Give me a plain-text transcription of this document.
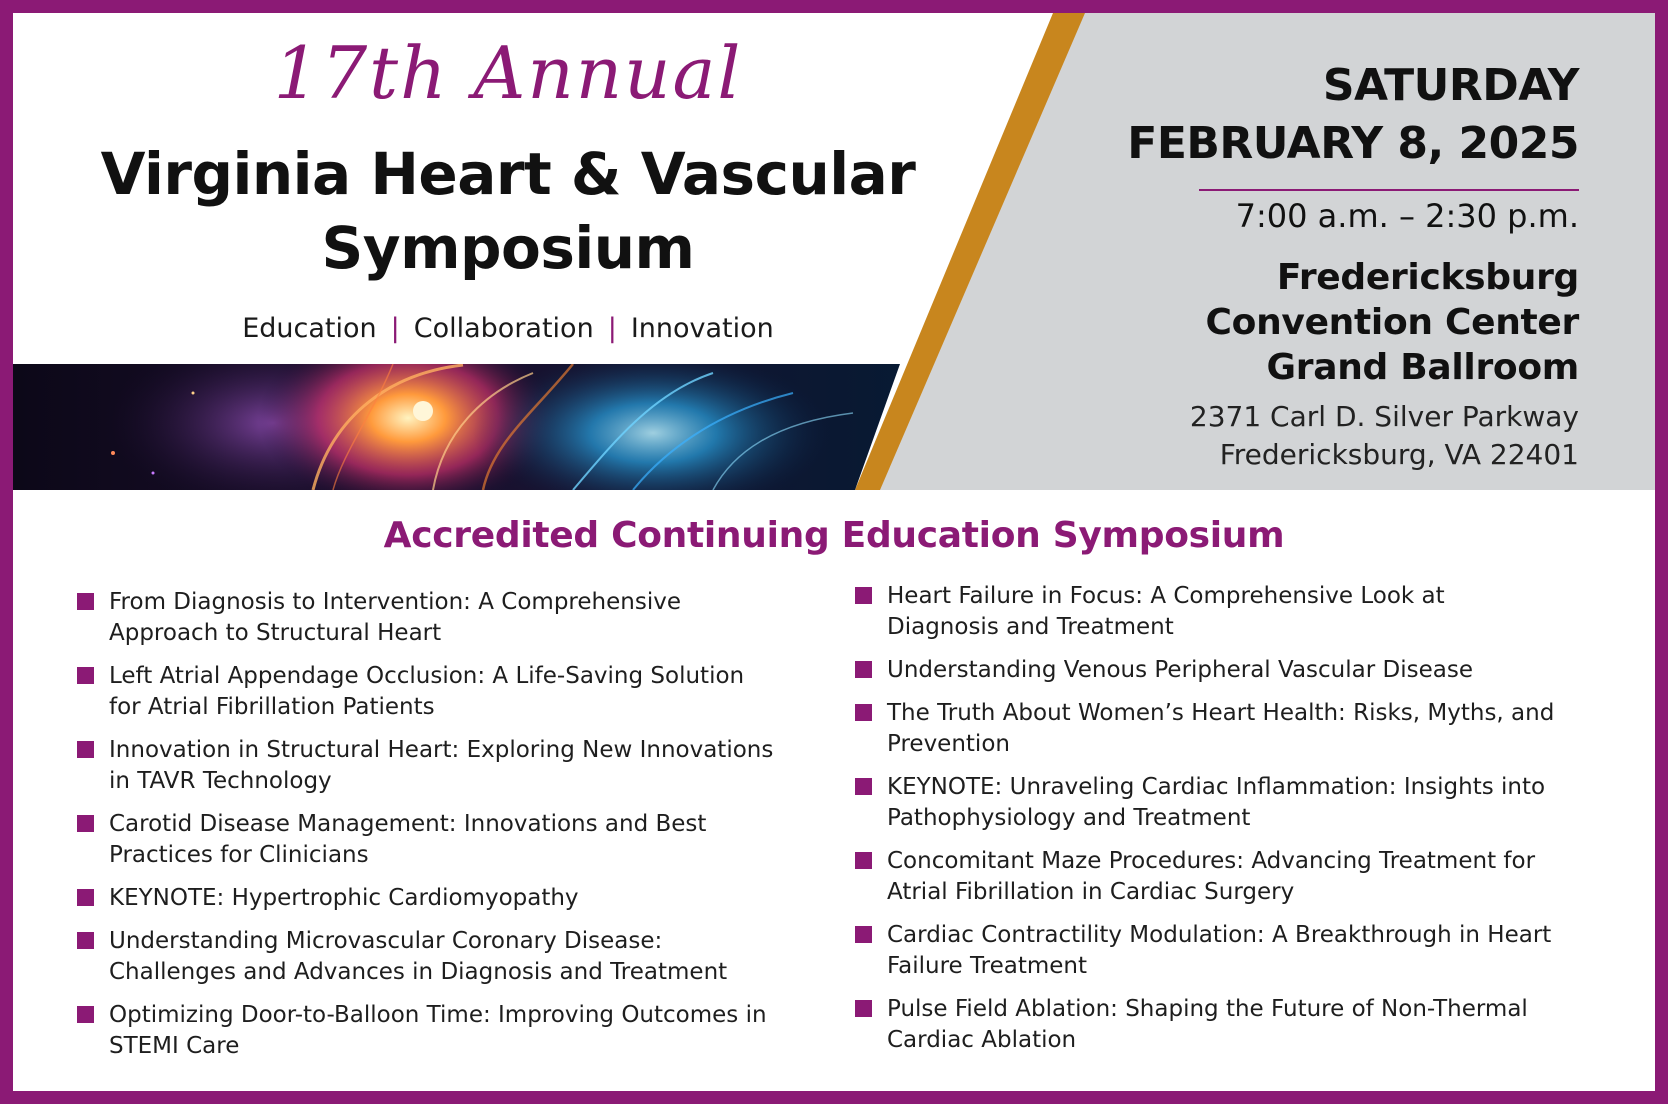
17th Annual
Virginia Heart & Vascular
Symposium
Education | Collaboration | Innovation
SATURDAY
FEBRUARY 8, 2025
7:00 a.m. – 2:30 p.m.
Fredericksburg
Convention Center
Grand Ballroom
2371 Carl D. Silver Parkway
Fredericksburg, VA 22401
Accredited Continuing Education Symposium
From Diagnosis to Intervention: A Comprehensive
Approach to Structural Heart
Left Atrial Appendage Occlusion: A Life-Saving Solution
for Atrial Fibrillation Patients
Innovation in Structural Heart: Exploring New Innovations
in TAVR Technology
Carotid Disease Management: Innovations and Best
Practices for Clinicians
KEYNOTE: Hypertrophic Cardiomyopathy
Understanding Microvascular Coronary Disease:
Challenges and Advances in Diagnosis and Treatment
Optimizing Door-to-Balloon Time: Improving Outcomes in
STEMI Care
Heart Failure in Focus: A Comprehensive Look at
Diagnosis and Treatment
Understanding Venous Peripheral Vascular Disease
The Truth About Women’s Heart Health: Risks, Myths, and
Prevention
KEYNOTE: Unraveling Cardiac Inflammation: Insights into
Pathophysiology and Treatment
Concomitant Maze Procedures: Advancing Treatment for
Atrial Fibrillation in Cardiac Surgery
Cardiac Contractility Modulation: A Breakthrough in Heart
Failure Treatment
Pulse Field Ablation: Shaping the Future of Non-Thermal
Cardiac Ablation
